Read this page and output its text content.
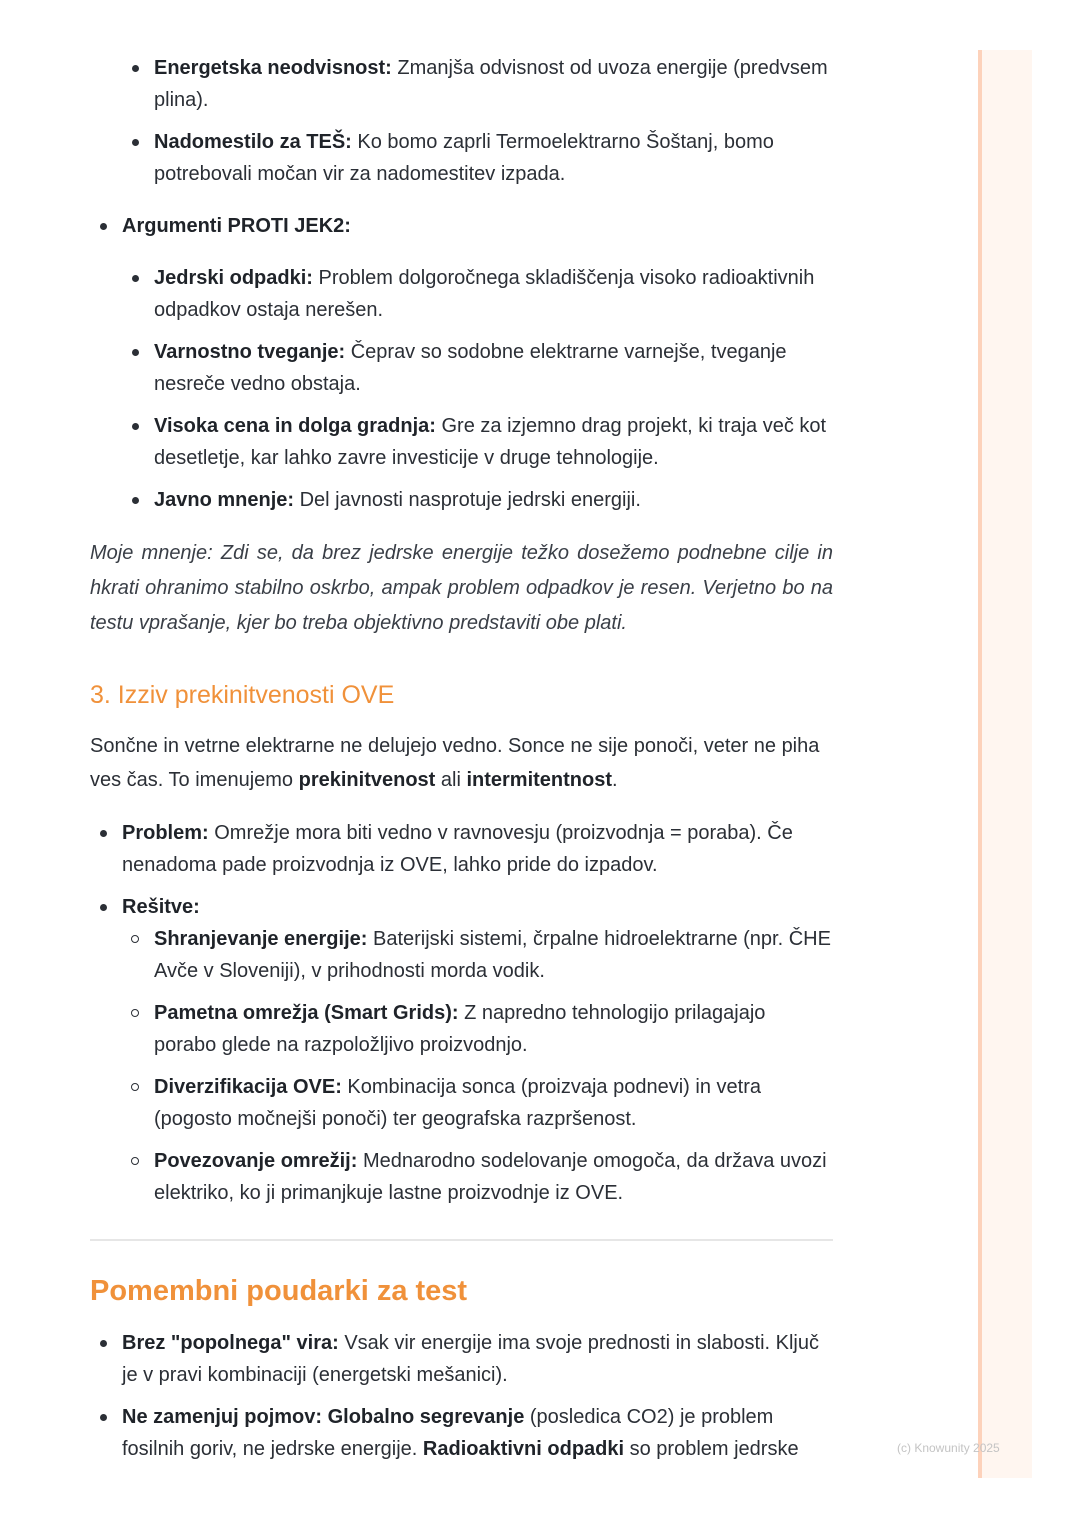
Energetska neodvisnost: Zmanjša odvisnost od uvoza energije (predvsem plina).
Nadomestilo za TEŠ: Ko bomo zaprli Termoelektrarno Šoštanj, bomo potrebovali močan vir za nadomestitev izpada.
Argumenti PROTI JEK2:
Jedrski odpadki: Problem dolgoročnega skladiščenja visoko radioaktivnih odpadkov ostaja nerešen.
Varnostno tveganje: Čeprav so sodobne elektrarne varnejše, tveganje nesreče vedno obstaja.
Visoka cena in dolga gradnja: Gre za izjemno drag projekt, ki traja več kot desetletje, kar lahko zavre investicije v druge tehnologije.
Javno mnenje: Del javnosti nasprotuje jedrski energiji.

Moje mnenje: Zdi se, da brez jedrske energije težko dosežemo podnebne cilje in hkrati ohranimo stabilno oskrbo, ampak problem odpadkov je resen. Verjetno bo na testu vprašanje, kjer bo treba objektivno predstaviti obe plati.

3. Izziv prekinitvenosti OVE

Sončne in vetrne elektrarne ne delujejo vedno. Sonce ne sije ponoči, veter ne piha ves čas. To imenujemo prekinitvenost ali intermitentnost.

Problem: Omrežje mora biti vedno v ravnovesju (proizvodnja = poraba). Če nenadoma pade proizvodnja iz OVE, lahko pride do izpadov.
Rešitve:
Shranjevanje energije: Baterijski sistemi, črpalne hidroelektrarne (npr. ČHE Avče v Sloveniji), v prihodnosti morda vodik.
Pametna omrežja (Smart Grids): Z napredno tehnologijo prilagajajo porabo glede na razpoložljivo proizvodnjo.
Diverzifikacija OVE: Kombinacija sonca (proizvaja podnevi) in vetra (pogosto močnejši ponoči) ter geografska razpršenost.
Povezovanje omrežij: Mednarodno sodelovanje omogoča, da država uvozi elektriko, ko ji primanjkuje lastne proizvodnje iz OVE.
Pomembni poudarki za test
Brez "popolnega" vira: Vsak vir energije ima svoje prednosti in slabosti. Ključ je v pravi kombinaciji (energetski mešanici).
Ne zamenjuj pojmov: Globalno segrevanje (posledica CO2) je problem fosilnih goriv, ne jedrske energije. Radioaktivni odpadki so problem jedrske	(c) Knowunity 2025
